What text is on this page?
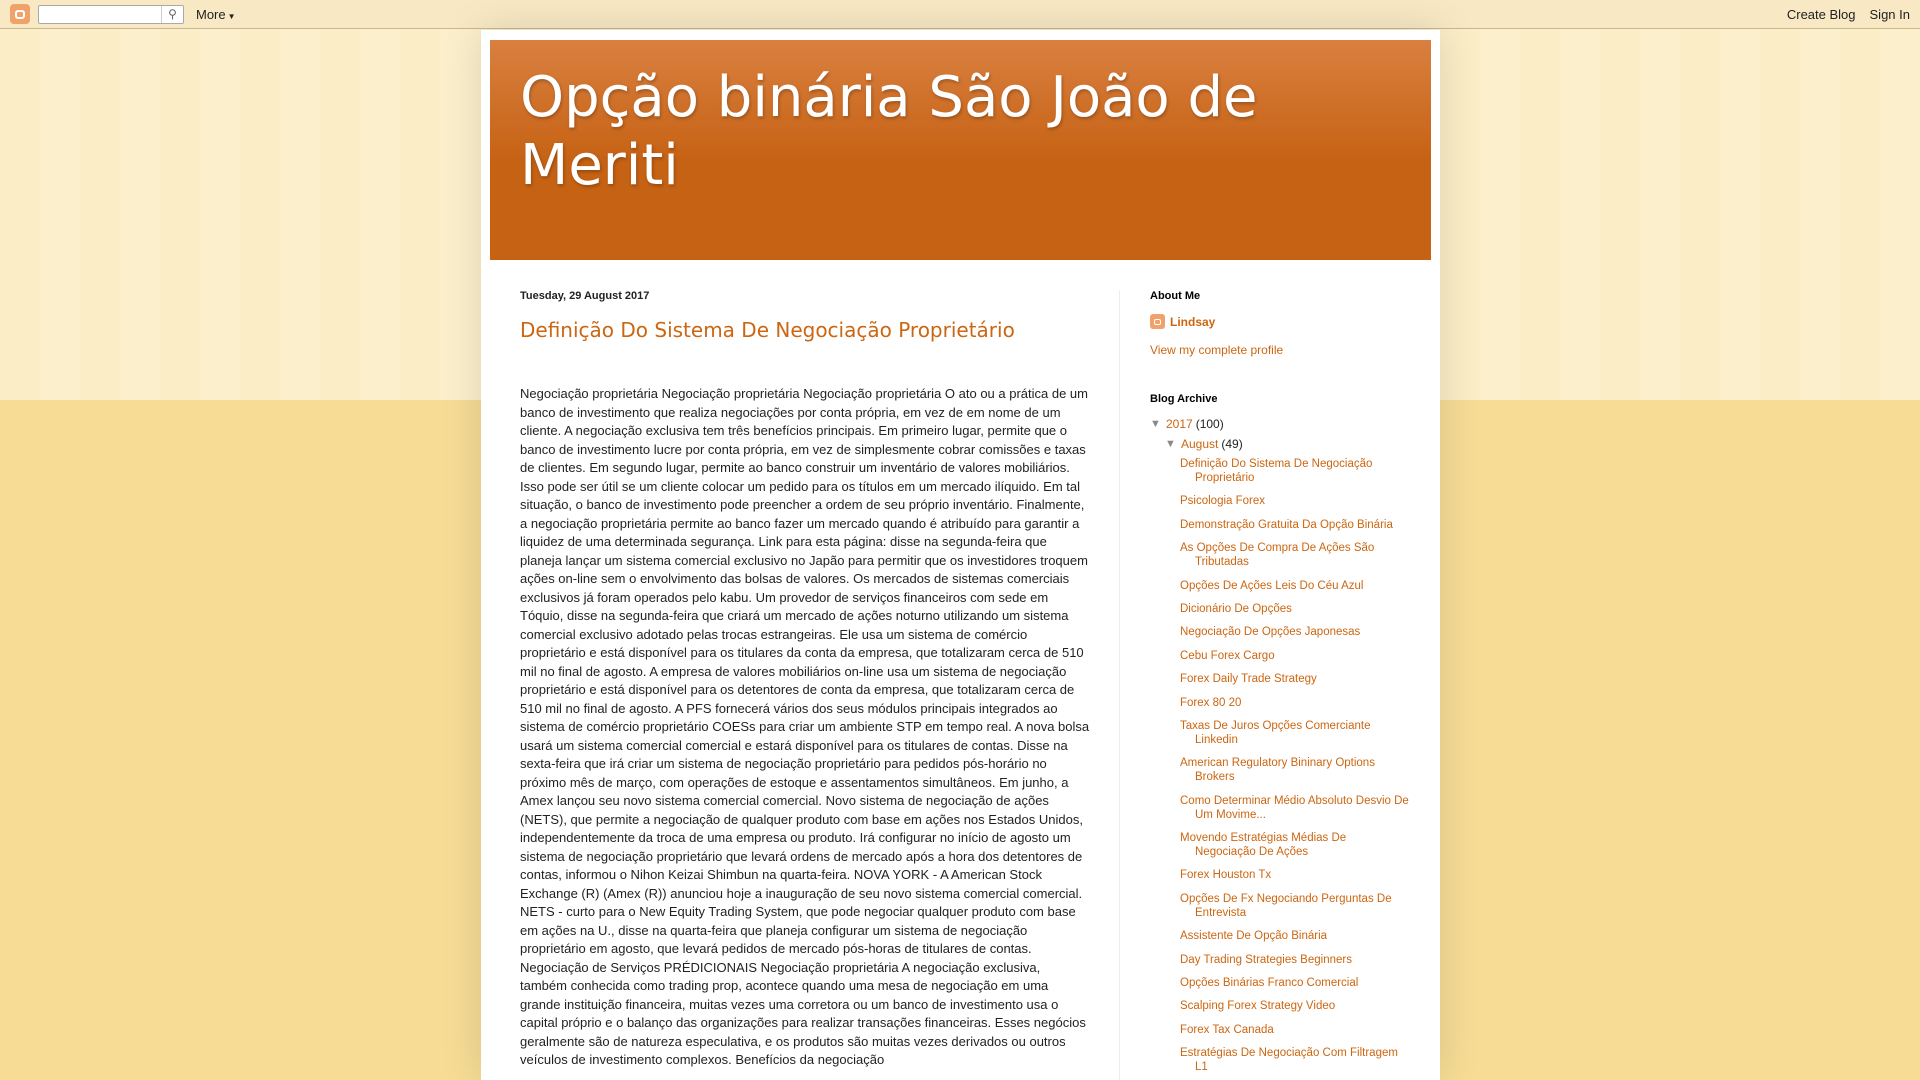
⚲	More ▼	Create Blog Sign In
Opção binária São João de Meriti
Tuesday, 29 August 2017
Definição Do Sistema De Negociação Proprietário
Negociação proprietária Negociação proprietária Negociação proprietária O ato ou a prática de um banco de investimento que realiza negociações por conta própria, em vez de em nome de um cliente. A negociação exclusiva tem três benefícios principais. Em primeiro lugar, permite que o banco de investimento lucre por conta própria, em vez de simplesmente cobrar comissões e taxas de clientes. Em segundo lugar, permite ao banco construir um inventário de valores mobiliários. Isso pode ser útil se um cliente colocar um pedido para os títulos em um mercado ilíquido. Em tal situação, o banco de investimento pode preencher a ordem de seu próprio inventário. Finalmente, a negociação proprietária permite ao banco fazer um mercado quando é atribuído para garantir a liquidez de uma determinada segurança. Link para esta página: disse na segunda-feira que planeja lançar um sistema comercial exclusivo no Japão para permitir que os investidores troquem ações on-line sem o envolvimento das bolsas de valores. Os mercados de sistemas comerciais exclusivos já foram operados pelo kabu. Um provedor de serviços financeiros com sede em Tóquio, disse na segunda-feira que criará um mercado de ações noturno utilizando um sistema comercial exclusivo adotado pelas trocas estrangeiras. Ele usa um sistema de comércio proprietário e está disponível para os titulares da conta da empresa, que totalizaram cerca de 510 mil no final de agosto. A empresa de valores mobiliários on-line usa um sistema de negociação proprietário e está disponível para os detentores de conta da empresa, que totalizaram cerca de 510 mil no final de agosto. A PFS fornecerá vários dos seus módulos principais integrados ao sistema de comércio proprietário COESs para criar um ambiente STP em tempo real. A nova bolsa usará um sistema comercial comercial e estará disponível para os titulares de contas. Disse na sexta-feira que irá criar um sistema de negociação proprietário para pedidos pós-horário no próximo mês de março, com operações de estoque e assentamentos simultâneos. Em junho, a Amex lançou seu novo sistema comercial comercial. Novo sistema de negociação de ações (NETS), que permite a negociação de qualquer produto com base em ações nos Estados Unidos, independentemente da troca de uma empresa ou produto. Irá configurar no início de agosto um sistema de negociação proprietário que levará ordens de mercado após a hora dos detentores de contas, informou o Nihon Keizai Shimbun na quarta-feira. NOVA YORK - A American Stock Exchange (R) (Amex (R)) anunciou hoje a inauguração de seu novo sistema comercial comercial. NETS - curto para o New Equity Trading System, que pode negociar qualquer produto com base em ações na U., disse na quarta-feira que planeja configurar um sistema de negociação proprietário em agosto, que levará pedidos de mercado pós-horas de titulares de contas. Negociação de Serviços PRÉDICIONAIS Negociação proprietária A negociação exclusiva, também conhecida como trading prop, acontece quando uma mesa de negociação em uma grande instituição financeira, muitas vezes uma corretora ou um banco de investimento usa o capital próprio e o balanço das organizações para realizar transações financeiras. Esses negócios geralmente são de natureza especulativa, e os produtos são muitas vezes derivados ou outros veículos de investimento complexos. Benefícios da negociação
About Me
Lindsay
View my complete profile
Blog Archive
▼ 2017 (100)
▼ August (49)
Definição Do Sistema De Negociação Proprietário
Psicologia Forex
Demonstração Gratuita Da Opção Binária
As Opções De Compra De Ações São Tributadas
Opções De Ações Leis Do Céu Azul
Dicionário De Opções
Negociação De Opções Japonesas
Cebu Forex Cargo
Forex Daily Trade Strategy
Forex 80 20
Taxas De Juros Opções Comerciante Linkedin
American Regulatory Bininary Options Brokers
Como Determinar Médio Absoluto Desvio De Um Movime...
Movendo Estratégias Médias De Negociação De Ações
Forex Houston Tx
Opções De Fx Negociando Perguntas De Entrevista
Assistente De Opção Binária
Day Trading Strategies Beginners
Opções Binárias Franco Comercial
Scalping Forex Strategy Video
Forex Tax Canada
Estratégias De Negociação Com Filtragem L1
